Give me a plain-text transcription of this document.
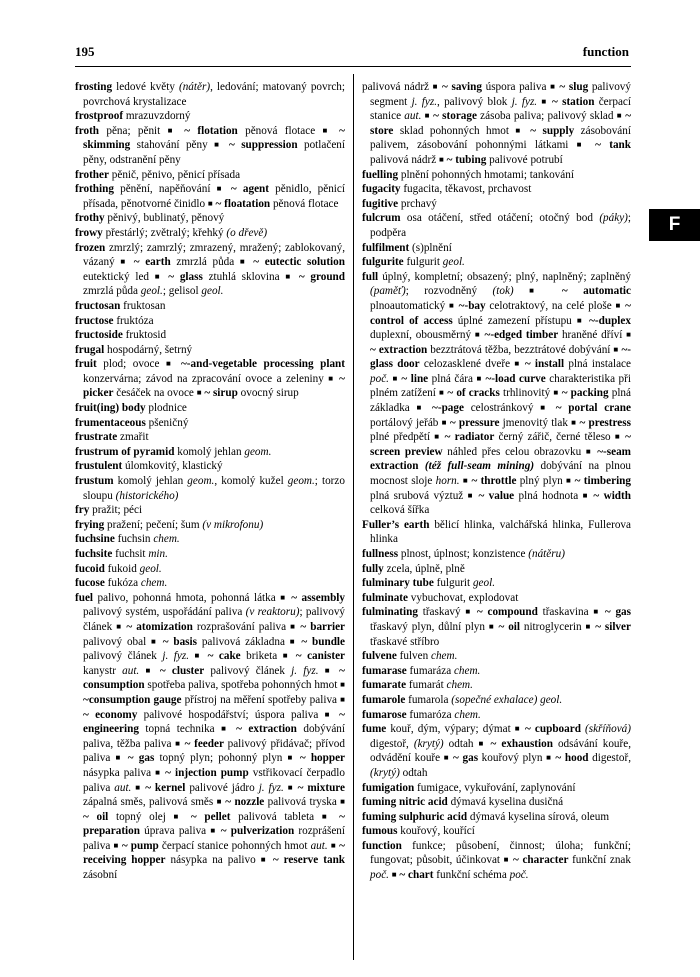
195	function

frosting ledové květy (nátěr), ledování; matovaný povrch; povrchová krystalizace

frostproof mrazuvzdorný

froth pěna; pěnit ■ ~ flotation pěnová flotace ■ ~ skimming stahování pěny ■ ~ suppression potlačení pěny, odstranění pěny

frother pěnič, pěnivo, pěnicí přísada

frothing pěnění, napěňování ■ ~ agent pěnidlo, pěnicí přísada, pěnotvorné činidlo ■ ~ floatation pěnová flotace

frothy pěnivý, bublinatý, pěnový

frowy přestárlý; zvětralý; křehký (o dřevě)

frozen zmrzlý; zamrzlý; zmrazený, mražený; zablokovaný, vázaný ■ ~ earth zmrzlá půda ■ ~ eutectic solution eutektický led ■ ~ glass ztuhlá sklovina ■ ~ ground zmrzlá půda geol.; gelisol geol.

fructosan fruktosan

fructose fruktóza

fructoside fruktosid

frugal hospodárný, šetrný

fruit plod; ovoce ■ ~-and-vegetable processing plant konzervárna; závod na zpracování ovoce a zeleniny ■ ~ picker česáček na ovoce ■ ~ sirup ovocný sirup

fruit(ing) body plodnice

frumentaceous pšeničný

frustrate zmařit

frustrum of pyramid komolý jehlan geom.

frustulent úlomkovitý, klastický

frustum komolý jehlan geom., komolý kužel geom.; torzo sloupu (historického)

fry pražit; péci

frying pražení; pečení; šum (v mikrofonu)

fuchsine fuchsin chem.

fuchsite fuchsit min.

fucoid fukoid geol.

fucose fukóza chem.

fuel palivo, pohonná hmota, pohonná látka ■ ~ assembly palivový systém, uspořádání paliva (v reaktoru); palivový článek ■ ~ atomization rozprašování paliva ■ ~ barrier palivový obal ■ ~ basis palivová základna ■ ~ bundle palivový článek j. fyz. ■ ~ cake briketa ■ ~ canister kanystr aut. ■ ~ cluster palivový článek j. fyz. ■ ~ consumption spotřeba paliva, spotřeba pohonných hmot ■ ~consumption gauge přístroj na měření spotřeby paliva ■ ~ economy palivové hospodářství; úspora paliva ■ ~ engineering topná technika ■ ~ extraction dobývání paliva, těžba paliva ■ ~ feeder palivový přidávač; přívod paliva ■ ~ gas topný plyn; pohonný plyn ■ ~ hopper násypka paliva ■ ~ injection pump vstřikovací čerpadlo paliva aut. ■ ~ kernel palivové jádro j. fyz. ■ ~ mixture zápalná směs, palivová směs ■ ~ nozzle palivová tryska ■ ~ oil topný olej ■ ~ pellet palivová tableta ■ ~ preparation úprava paliva ■ ~ pulverization rozprášení paliva ■ ~ pump čerpací stanice pohonných hmot aut. ■ ~ receiving hopper násypka na palivo ■ ~ reserve tank zásobní

palivová nádrž ■ ~ saving úspora paliva ■ ~ slug palivový segment j. fyz., palivový blok j. fyz. ■ ~ station čerpací stanice aut. ■ ~ storage zásoba paliva; palivový sklad ■ ~ store sklad pohonných hmot ■ ~ supply zásobování palivem, zásobování pohonnými látkami ■ ~ tank palivová nádrž ■ ~ tubing palivové potrubí

fuelling plnění pohonných hmotami; tankování

fugacity fugacita, těkavost, prchavost

fugitive prchavý

fulcrum osa otáčení, střed otáčení; otočný bod (páky); podpěra

fulfilment (s)plnění

fulgurite fulgurit geol.

full úplný, kompletní; obsazený; plný, naplněný; zaplněný (paměť); rozvodněný (tok) ■ ~ automatic plnoautomatický ■ ~-bay celotraktový, na celé ploše ■ ~ control of access úplné zamezení přístupu ■ ~-duplex duplexní, obousměrný ■ ~-edged timber hraněné dříví ■ ~ extraction bezztrátová těžba, bezztrátové dobývání ■ ~-glass door celozasklené dveře ■ ~ install plná instalace poč. ■ ~ line plná čára ■ ~-load curve charakteristika při plném zatížení ■ ~ of cracks trhlinovitý ■ ~ packing plná základka ■ ~-page celostránkový ■ ~ portal crane portálový jeřáb ■ ~ pressure jmenovitý tlak ■ ~ prestress plné předpětí ■ ~ radiator černý zářič, černé těleso ■ ~ screen preview náhled přes celou obrazovku ■ ~-seam extraction (též full-seam mining) dobývání na plnou mocnost sloje horn. ■ ~ throttle plný plyn ■ ~ timbering plná srubová výztuž ■ ~ value plná hodnota ■ ~ width celková šířka

Fuller’s earth bělicí hlinka, valchářská hlinka, Fullerova hlinka

fullness plnost, úplnost; konzistence (nátěru)

fully zcela, úplně, plně

fulminary tube fulgurit geol.

fulminate vybuchovat, explodovat

fulminating třaskavý ■ ~ compound třaskavina ■ ~ gas třaskavý plyn, důlní plyn ■ ~ oil nitroglycerin ■ ~ silver třaskavé stříbro

fulvene fulven chem.

fumarase fumaráza chem.

fumarate fumarát chem.

fumarole fumarola (sopečné exhalace) geol.

fumarose fumaróza chem.

fume kouř, dým, výpary; dýmat ■ ~ cupboard (skříňová) digestoř, (krytý) odtah ■ ~ exhaustion odsávání kouře, odvádění kouře ■ ~ gas kouřový plyn ■ ~ hood digestoř, (krytý) odtah

fumigation fumigace, vykuřování, zaplynování

fuming nitric acid dýmavá kyselina dusičná

fuming sulphuric acid dýmavá kyselina sírová, oleum

fumous kouřový, kouřící

function funkce; působení, činnost; úloha; funkční; fungovat; působit, účinkovat ■ ~ character funkční znak poč. ■ ~ chart funkční schéma poč.

F
